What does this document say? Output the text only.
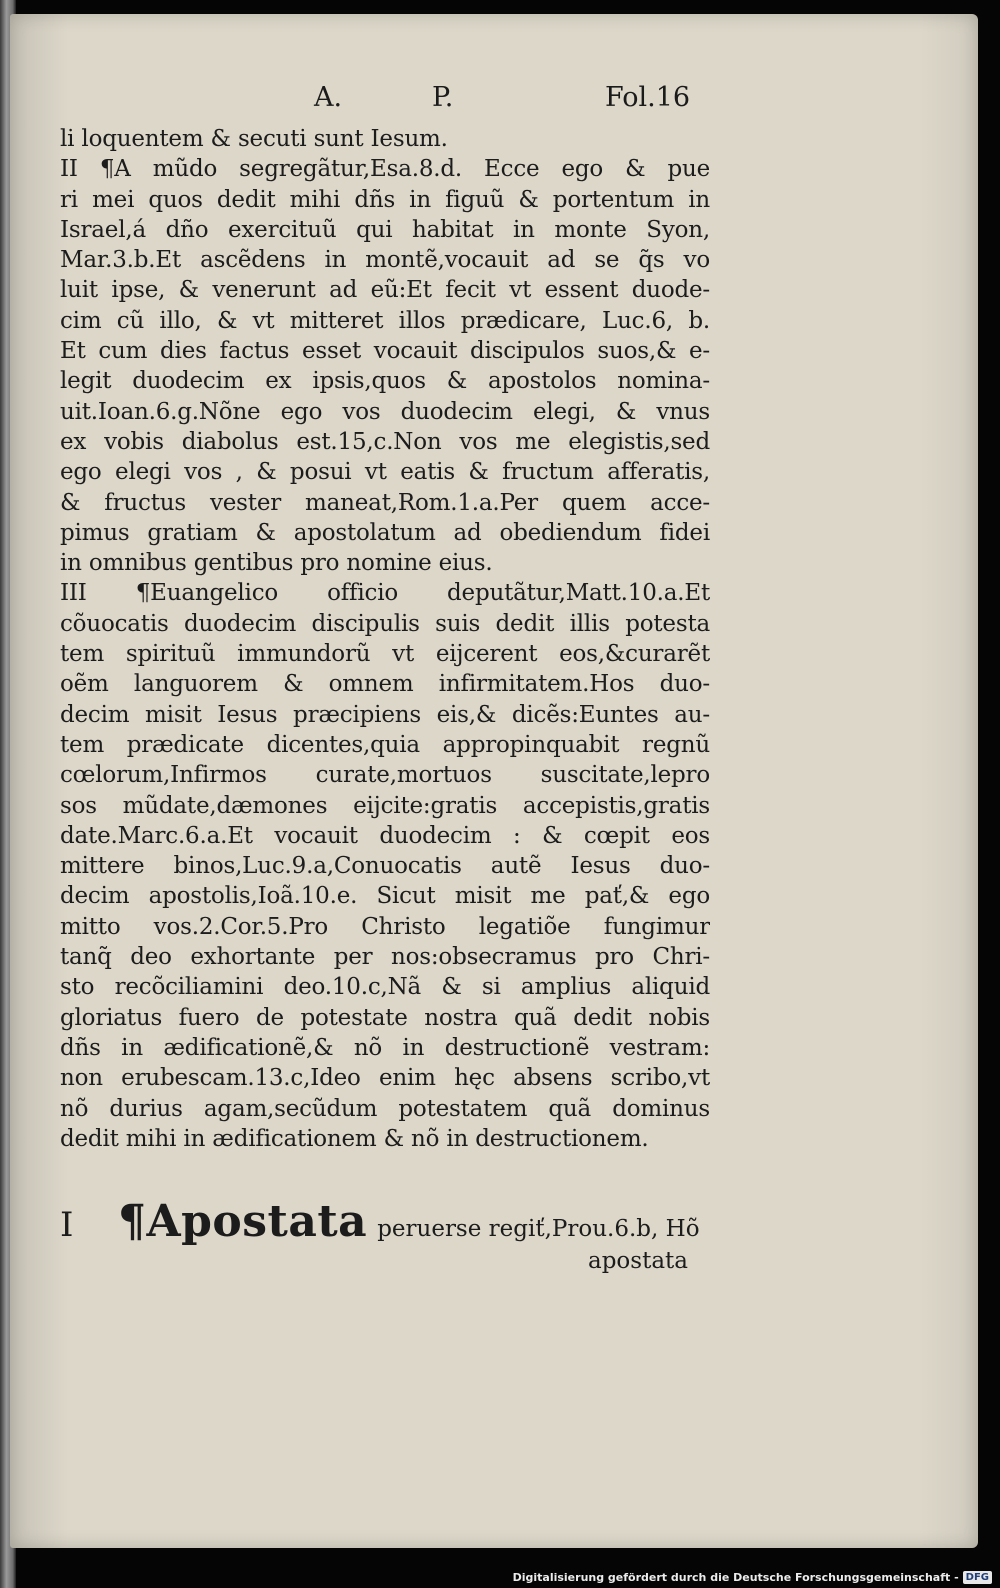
A.	P.	Fol.16
li loquentem & secuti sunt Iesum.
II ¶A mũdo segregãtur,Esa.8.d. Ecce ego & pue
ri mei quos dedit mihi dñs in figuũ & portentum in
Israel,á dño exercituũ qui habitat in monte Syon,
Mar.3.b.Et ascẽdens in montẽ,vocauit ad se q̃s vo
luit ipse, & venerunt ad eũ:Et fecit vt essent duode-
cim cũ illo, & vt mitteret illos prædicare, Luc.6, b.
Et cum dies factus esset vocauit discipulos suos,& e-
legit duodecim ex ipsis,quos & apostolos nomina-
uit.Ioan.6.g.Nõne ego vos duodecim elegi, & vnus
ex vobis diabolus est.15,c.Non vos me elegistis,sed
ego elegi vos , & posui vt eatis & fructum afferatis,
& fructus vester maneat,Rom.1.a.Per quem acce-
pimus gratiam & apostolatum ad obediendum fidei
in omnibus gentibus pro nomine eius.
III ¶Euangelico officio deputãtur,Matt.10.a.Et
cõuocatis duodecim discipulis suis dedit illis potesta
tem spirituũ immundorũ vt eijcerent eos,&curarẽt
oẽm languorem & omnem infirmitatem.Hos duo-
decim misit Iesus præcipiens eis,& dicẽs:Euntes au-
tem prædicate dicentes,quia appropinquabit regnũ
cœlorum,Infirmos curate,mortuos suscitate,lepro
sos mũdate,dæmones eijcite:gratis accepistis,gratis
date.Marc.6.a.Et vocauit duodecim : & cœpit eos
mittere binos,Luc.9.a,Conuocatis autẽ Iesus duo-
decim apostolis,Ioã.10.e. Sicut misit me pať,& ego
mitto vos.2.Cor.5.Pro Christo legatiõe fungimur
tanq̃ deo exhortante per nos:obsecramus pro Chri-
sto recõciliamini deo.10.c,Nã & si amplius aliquid
gloriatus fuero de potestate nostra quã dedit nobis
dñs in ædificationẽ,& nõ in destructionẽ vestram:
non erubescam.13.c,Ideo enim hęc absens scribo,vt
nõ durius agam,secũdum potestatem quã dominus
dedit mihi in ædificationem & nõ in destructionem.
I	¶Apostata peruerse regiť,Prou.6.b, Hõ
apostata
Digitalisierung gefördert durch die Deutsche Forschungsgemeinschaft - DFG
